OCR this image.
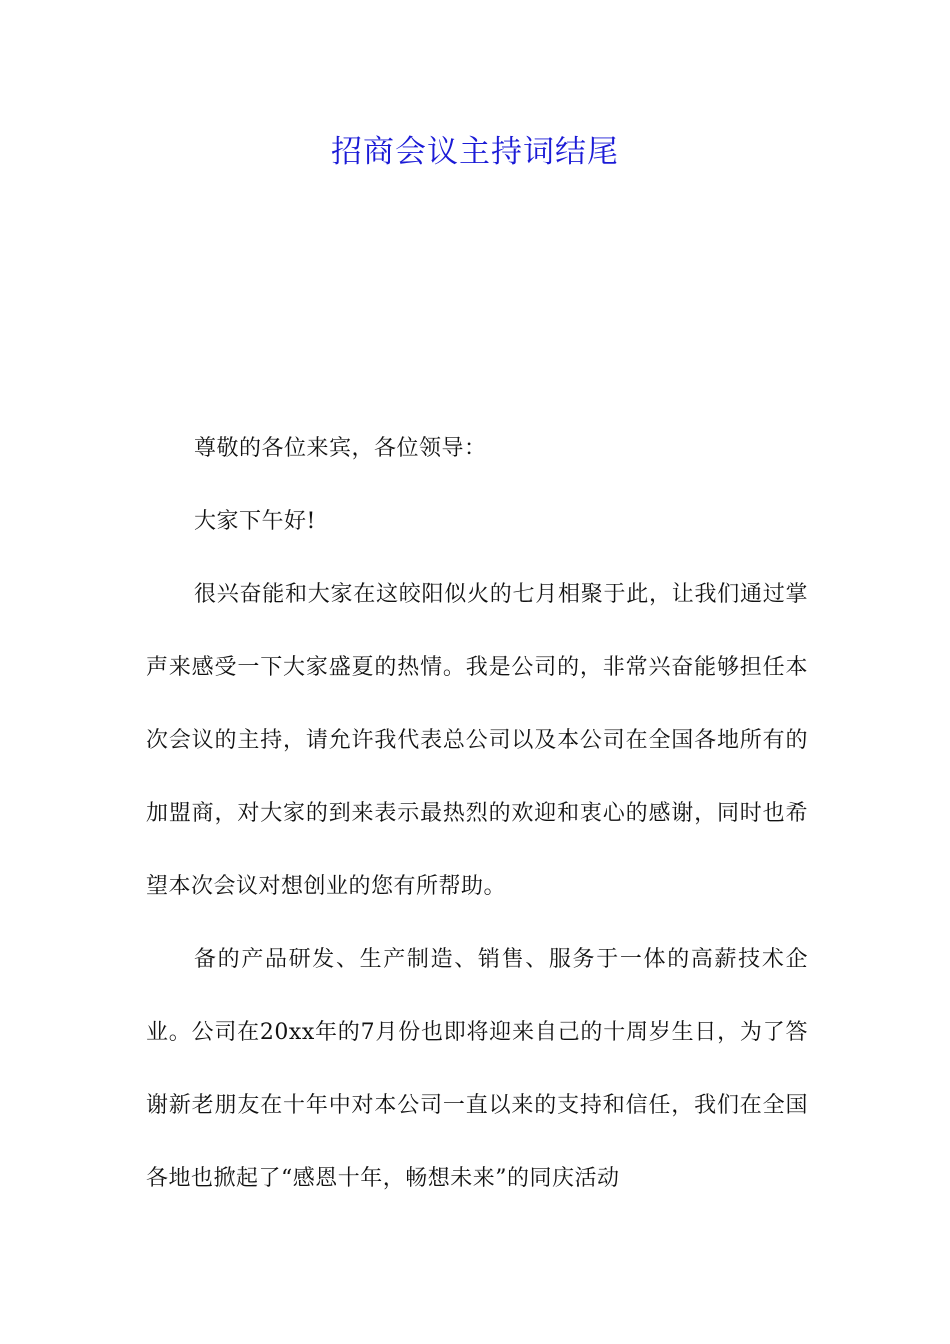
招商会议主持词结尾

尊敬的各位来宾，各位领导：

大家下午好!

很兴奋能和大家在这皎阳似火的七月相聚于此，让我们通过掌声来感受一下大家盛夏的热情。我是公司的，非常兴奋能够担任本次会议的主持，请允许我代表总公司以及本公司在全国各地所有的加盟商，对大家的到来表示最热烈的欢迎和衷心的感谢，同时也希望本次会议对想创业的您有所帮助。

备的产品研发、生产制造、销售、服务于一体的高薪技术企业。公司在20xx年的7月份也即将迎来自己的十周岁生日，为了答谢新老朋友在十年中对本公司一直以来的支持和信任，我们在全国各地也掀起了“感恩十年，畅想未来”的同庆活动
